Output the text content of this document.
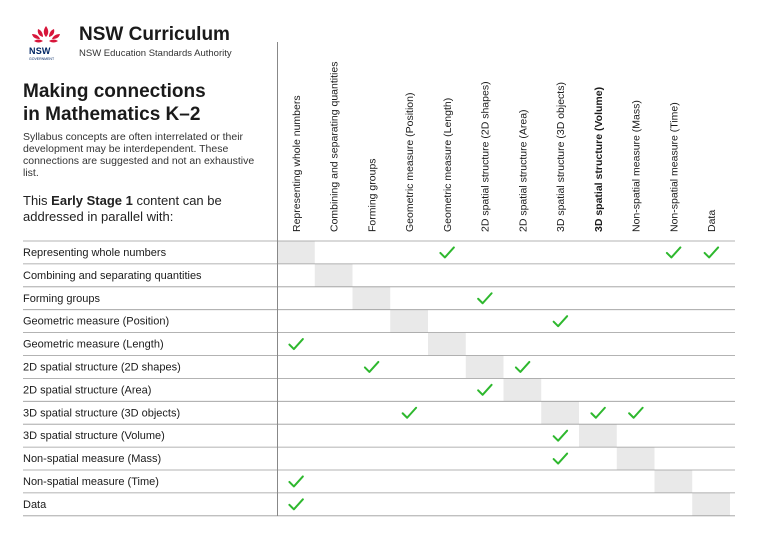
NSW
GOVERNMENT
NSW Curriculum
NSW Education Standards Authority
Making connections
in Mathematics K–2
Syllabus concepts are often interrelated or their development may be interdependent. These connections are suggested and not an exhaustive list.
This Early Stage 1 content can be addressed in parallel with:
Representing whole numbers
Combining and separating quantities
Forming groups
Geometric measure (Position)
Geometric measure (Length)
2D spatial structure (2D shapes)
2D spatial structure (Area)
3D spatial structure (3D objects)
3D spatial structure (Volume)
Non-spatial measure (Mass)
Non-spatial measure (Time)
Data
Representing whole numbers Combining and separating quantities Forming groups Geometric measure (Position) Geometric measure (Length) 2D spatial structure (2D shapes) 2D spatial structure (Area) 3D spatial structure (3D objects) 3D spatial structure (Volume) Non-spatial measure (Mass) Non-spatial measure (Time) Data
